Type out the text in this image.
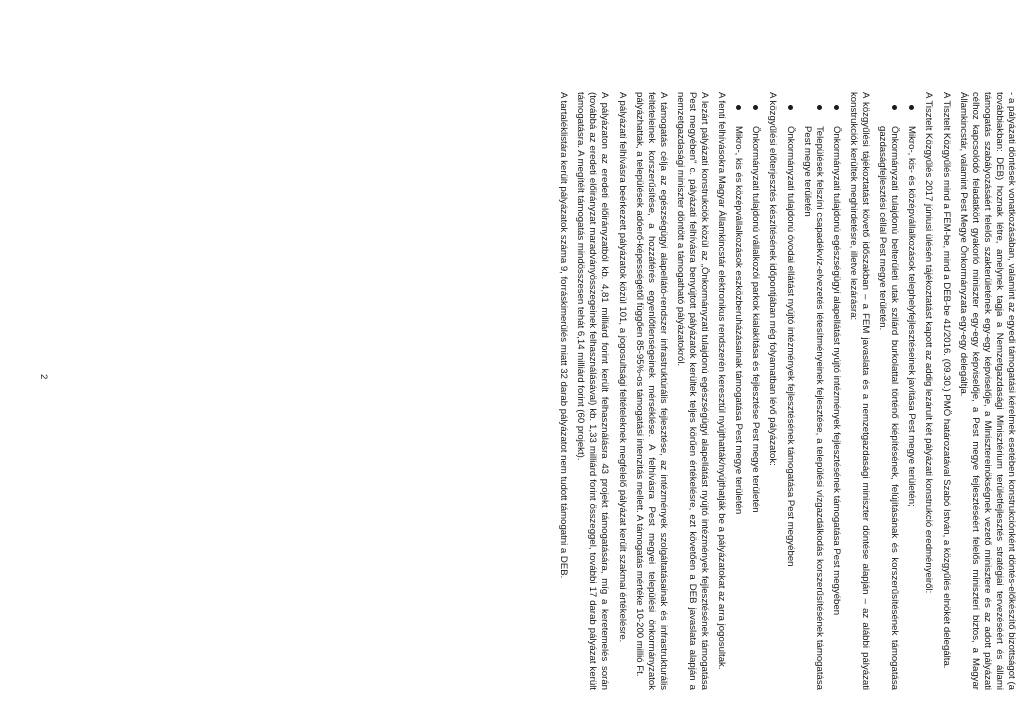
- a pályázati döntések vonatkozásában, valamint az egyedi támogatási kérelmek esetében konstrukciónként döntés-előkészítő bizottságot (a továbbiakban: DEB) hoznak létre, amelynek tagja a Nemzetgazdasági Minisztérium területfejlesztés stratégiai tervezéséért és állami támogatás szabályozásáért felelős szakterületének egy-egy képviselője, a Minisztereinökségnek vezető minisztere és az adott pályázati célhoz kapcsolódó feladatkört gyakorló miniszter egy-egy képviselője, a Pest megye fejlesztéséért felelős miniszteri biztos, a Magyar Államkincstár, valamint Pest Megye Önkormányzata egy-egy delegáltja.

A Tisztelt Közgyűlés mind a FEM-be, mind a DEB-be 41/2016. (09.30.) PMÖ határozatával Szabó István, a közgyűlés elnökét delegálta.

A Tisztelt Közgyűlés 2017 júniusi ülésén tájékoztatást kapott az addig lezárult két pályázati konstrukció eredményeiről:

Mikro-, kis- és középvállalkozások telephelyfejlesztéseinek javítása Pest megye területén;
Önkormányzati tulajdonú belterületi utak szilárd burkolattal történő kiépítésének, felújításának és korszerűsítésének támogatása gazdaságfejlesztési céllal Pest megye területén.

A közgyűlési tájékoztatást követő időszakban – a FEM javaslata és a nemzetgazdasági miniszter döntése alapján – az alábbi pályázati konstrukciók kerültek meghirdetésre, illetve lezárásra:

Önkormányzati tulajdonú egészségügyi alapellátást nyújtó intézmények fejlesztésének támogatása Pest megyében
Települések felszíni csapadékvíz-elvezetés létesítményeinek fejlesztése, a települési vízgazdálkodás korszerűsítésének támogatása Pest megye területén
Önkormányzati tulajdonú óvodai ellátást nyújtó intézmények fejlesztésének támogatása Pest megyében

A közgyűlési előterjesztés készítésének időpontjában még folyamatban lévő pályázatok:

Önkormányzati tulajdonú vállalkozói parkok kialakítása és fejlesztése Pest megye területén
Mikro-, kis és középvállalkozások eszközberuházásainak támogatása Pest megye területén

A fenti felhívásokra Magyar Államkincstár elektronikus rendszerén keresztül nyújthatták/nyújthatják be a pályázatokat az arra jogosultak.

A lezárt pályázati konstrukciók közül az „Önkormányzati tulajdonú egészségügyi alapellátást nyújtó intézmények fejlesztésének támogatása Pest megyében" c. pályázati felhívásra benyújtott pályázatok kerültek teljes körűen értékelésre, ezt követően a DEB javaslata alapján a nemzetgazdasági miniszter döntött a támogatható pályázatokról.

A támogatás célja az egészségügyi alapellátó-rendszer infrastruktúrális fejlesztése, az intézmények szolgáltatásainak és infrastrukturális feltételeinek korszerűsítése, a hozzáférés egyenlőtlenségeinek mérséklése. A felhívásra Pest megyei települési önkormányzatok pályázhattak, a települések adóerő-képességétől függően 85-95%-os támogatási intenzitás mellett. A támogatás mértéke 10-200 millió Ft.

A pályázati felhívásra beérkezett pályázatok közül 101, a jogosultsági feltételeknek megfelelő pályázat került szakmai értékelésre.

A pályázaton az eredeti előirányzatból kb. 4,81 milliárd forint került felhasználásra 43 projekt támogatására, míg a keretemelés során (továbbá az eredeti előirányzat maradványösszegeinek felhasználásával) kb. 1,33 milliárd forint összeggel, további 17 darab pályázat került támogatásra. A megítélt támogatás mindösszesen tehát 6,14 milliárd forint (60 projekt).

A tartaléklistára került pályázatok száma 9, forráskimerülés miatt 32 darab pályázatot nem tudott támogatni a DEB.

2
